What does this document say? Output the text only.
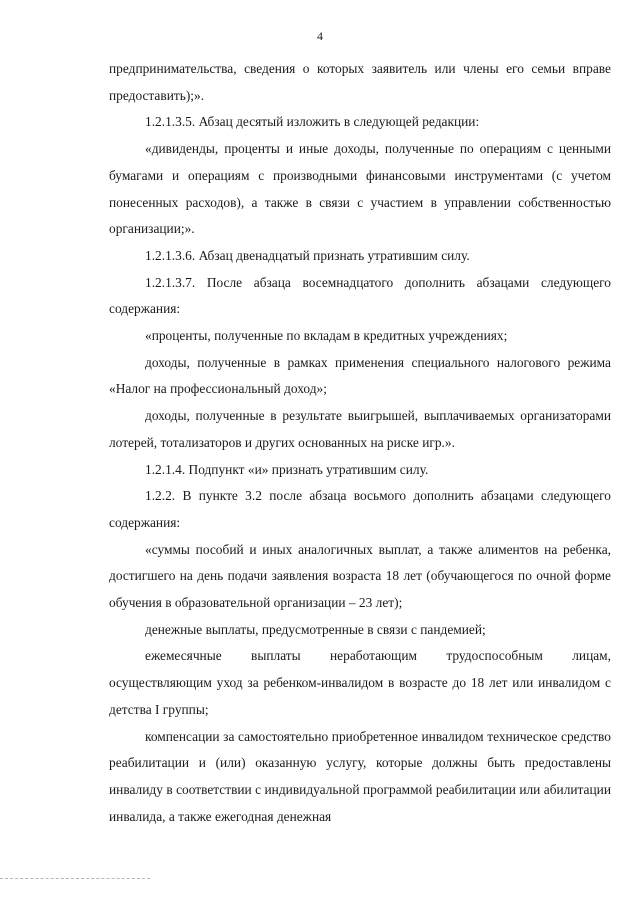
4

предпринимательства, сведения о которых заявитель или члены его семьи вправе предоставить);».

1.2.1.3.5. Абзац десятый изложить в следующей редакции:

«дивиденды, проценты и иные доходы, полученные по операциям с ценными бумагами и операциям с производными финансовыми инструментами (с учетом понесенных расходов), а также в связи с участием в управлении собственностью организации;».

1.2.1.3.6. Абзац двенадцатый признать утратившим силу.

1.2.1.3.7. После абзаца восемнадцатого дополнить абзацами следующего содержания:

«проценты, полученные по вкладам в кредитных учреждениях;

доходы, полученные в рамках применения специального налогового режима «Налог на профессиональный доход»;

доходы, полученные в результате выигрышей, выплачиваемых организаторами лотерей, тотализаторов и других основанных на риске игр.».

1.2.1.4. Подпункт «и» признать утратившим силу.

1.2.2. В пункте 3.2 после абзаца восьмого дополнить абзацами следующего содержания:

«суммы пособий и иных аналогичных выплат, а также алиментов на ребенка, достигшего на день подачи заявления возраста 18 лет (обучающегося по очной форме обучения в образовательной организации – 23 лет);

денежные выплаты, предусмотренные в связи с пандемией;

ежемесячные выплаты неработающим трудоспособным лицам, осуществляющим уход за ребенком-инвалидом в возрасте до 18 лет или инвалидом с детства I группы;

компенсации за самостоятельно приобретенное инвалидом техническое средство реабилитации и (или) оказанную услугу, которые должны быть предоставлены инвалиду в соответствии с индивидуальной программой реабилитации или абилитации инвалида, а также ежегодная денежная
